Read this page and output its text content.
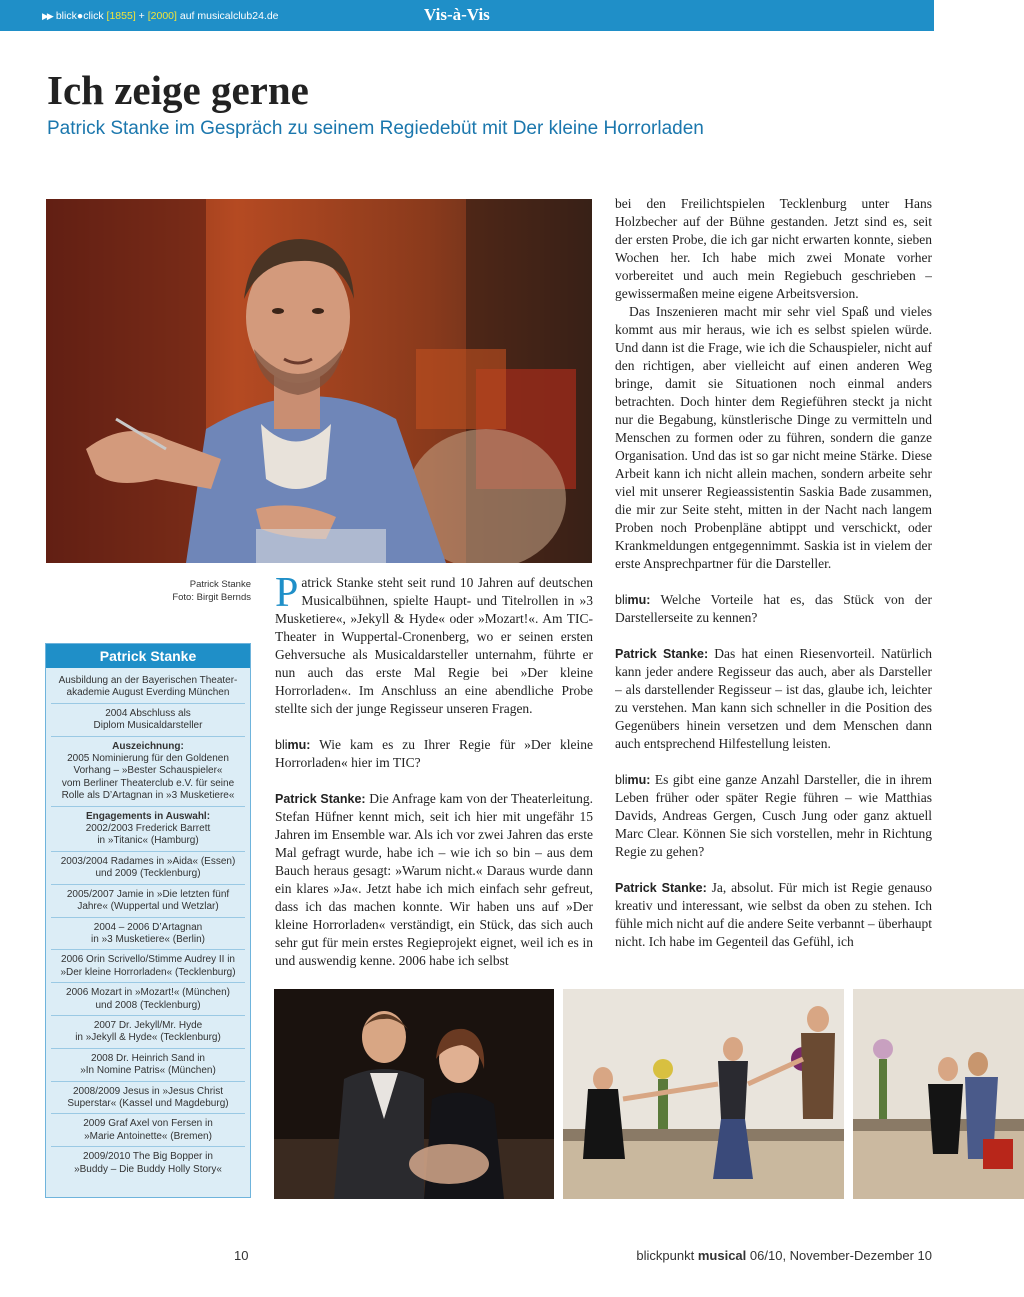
▶▶ blick●click [1855] + [2000] auf musicalclub24.de	Vis-à-Vis
Ich zeige gerne
Patrick Stanke im Gespräch zu seinem Regiedebüt mit Der kleine Horrorladen
Patrick Stanke
Foto: Birgit Bernds
Patrick Stanke
Ausbildung an der Bayerischen Theater-
akademie August Everding München
2004 Abschluss als
Diplom Musicaldarsteller
Auszeichnung:
2005 Nominierung für den Goldenen
Vorhang – »Bester Schauspieler«
vom Berliner Theaterclub e.V. für seine
Rolle als D’Artagnan in »3 Musketiere«
Engagements in Auswahl:
2002/2003 Frederick Barrett
in »Titanic« (Hamburg)
2003/2004 Radames in »Aida« (Essen)
und 2009 (Tecklenburg)
2005/2007 Jamie in »Die letzten fünf
Jahre« (Wuppertal und Wetzlar)
2004 – 2006 D’Artagnan
in »3 Musketiere« (Berlin)
2006 Orin Scrivello/Stimme Audrey II in
»Der kleine Horrorladen« (Tecklenburg)
2006 Mozart in »Mozart!« (München)
und 2008 (Tecklenburg)
2007 Dr. Jekyll/Mr. Hyde
in »Jekyll & Hyde« (Tecklenburg)
2008 Dr. Heinrich Sand in
»In Nomine Patris« (München)
2008/2009 Jesus in »Jesus Christ
Superstar« (Kassel und Magdeburg)
2009 Graf Axel von Fersen in
»Marie Antoinette« (Bremen)
2009/2010 The Big Bopper in
»Buddy – Die Buddy Holly Story«

Patrick Stanke steht seit rund 10 Jahren auf deutschen Musicalbühnen, spielte Haupt- und Titelrollen in »3 Musketiere«, »Jekyll & Hyde« oder »Mozart!«. Am TIC-Theater in Wuppertal-Cronenberg, wo er seinen ersten Gehversuche als Musicaldarsteller unternahm, führte er nun auch das erste Mal Regie bei »Der kleine Horrorladen«. Im Anschluss an eine abendliche Probe stellte sich der junge Regisseur unseren Fragen.

blimu: Wie kam es zu Ihrer Regie für »Der kleine Horrorladen« hier im TIC?

Patrick Stanke: Die Anfrage kam von der Theaterleitung. Stefan Hüfner kennt mich, seit ich hier mit ungefähr 15 Jahren im Ensemble war. Als ich vor zwei Jahren das erste Mal gefragt wurde, habe ich – wie ich so bin – aus dem Bauch heraus gesagt: »Warum nicht.« Daraus wurde dann ein klares »Ja«. Jetzt habe ich mich einfach sehr gefreut, dass ich das machen konnte. Wir haben uns auf »Der kleine Horrorladen« verständigt, ein Stück, das sich auch sehr gut für mein erstes Regieprojekt eignet, weil ich es in und auswendig kenne. 2006 habe ich selbst

bei den Freilichtspielen Tecklenburg unter Hans Holzbecher auf der Bühne gestanden. Jetzt sind es, seit der ersten Probe, die ich gar nicht erwarten konnte, sieben Wochen her. Ich habe mich zwei Monate vorher vorbereitet und auch mein Regiebuch geschrieben – gewissermaßen meine eigene Arbeitsversion.

Das Inszenieren macht mir sehr viel Spaß und vieles kommt aus mir heraus, wie ich es selbst spielen würde. Und dann ist die Frage, wie ich die Schauspieler, nicht auf den richtigen, aber vielleicht auf einen anderen Weg bringe, damit sie Situationen noch einmal anders betrachten. Doch hinter dem Regieführen steckt ja nicht nur die Begabung, künstlerische Dinge zu vermitteln und Menschen zu formen oder zu führen, sondern die ganze Organisation. Und das ist so gar nicht meine Stärke. Diese Arbeit kann ich nicht allein machen, sondern arbeite sehr viel mit unserer Regieassistentin Saskia Bade zusammen, die mir zur Seite steht, mitten in der Nacht nach langem Proben noch Probenpläne abtippt und verschickt, oder Krankmeldungen entgegennimmt. Saskia ist in vielem der erste Ansprechpartner für die Darsteller.

blimu: Welche Vorteile hat es, das Stück von der Darstellerseite zu kennen?

Patrick Stanke: Das hat einen Riesenvorteil. Natürlich kann jeder andere Regisseur das auch, aber als Darsteller – als darstellender Regisseur – ist das, glaube ich, leichter zu verstehen. Man kann sich schneller in die Position des Gegenübers hinein versetzen und dem Menschen dann auch entsprechend Hilfestellung leisten.

blimu: Es gibt eine ganze Anzahl Darsteller, die in ihrem Leben früher oder später Regie führen – wie Matthias Davids, Andreas Gergen, Cusch Jung oder ganz aktuell Marc Clear. Können Sie sich vorstellen, mehr in Richtung Regie zu gehen?

Patrick Stanke: Ja, absolut. Für mich ist Regie genauso kreativ und interessant, wie selbst da oben zu stehen. Ich fühle mich nicht auf die andere Seite verbannt – überhaupt nicht. Ich habe im Gegenteil das Gefühl, ich

10	blickpunkt musical 06/10, November-Dezember 10
